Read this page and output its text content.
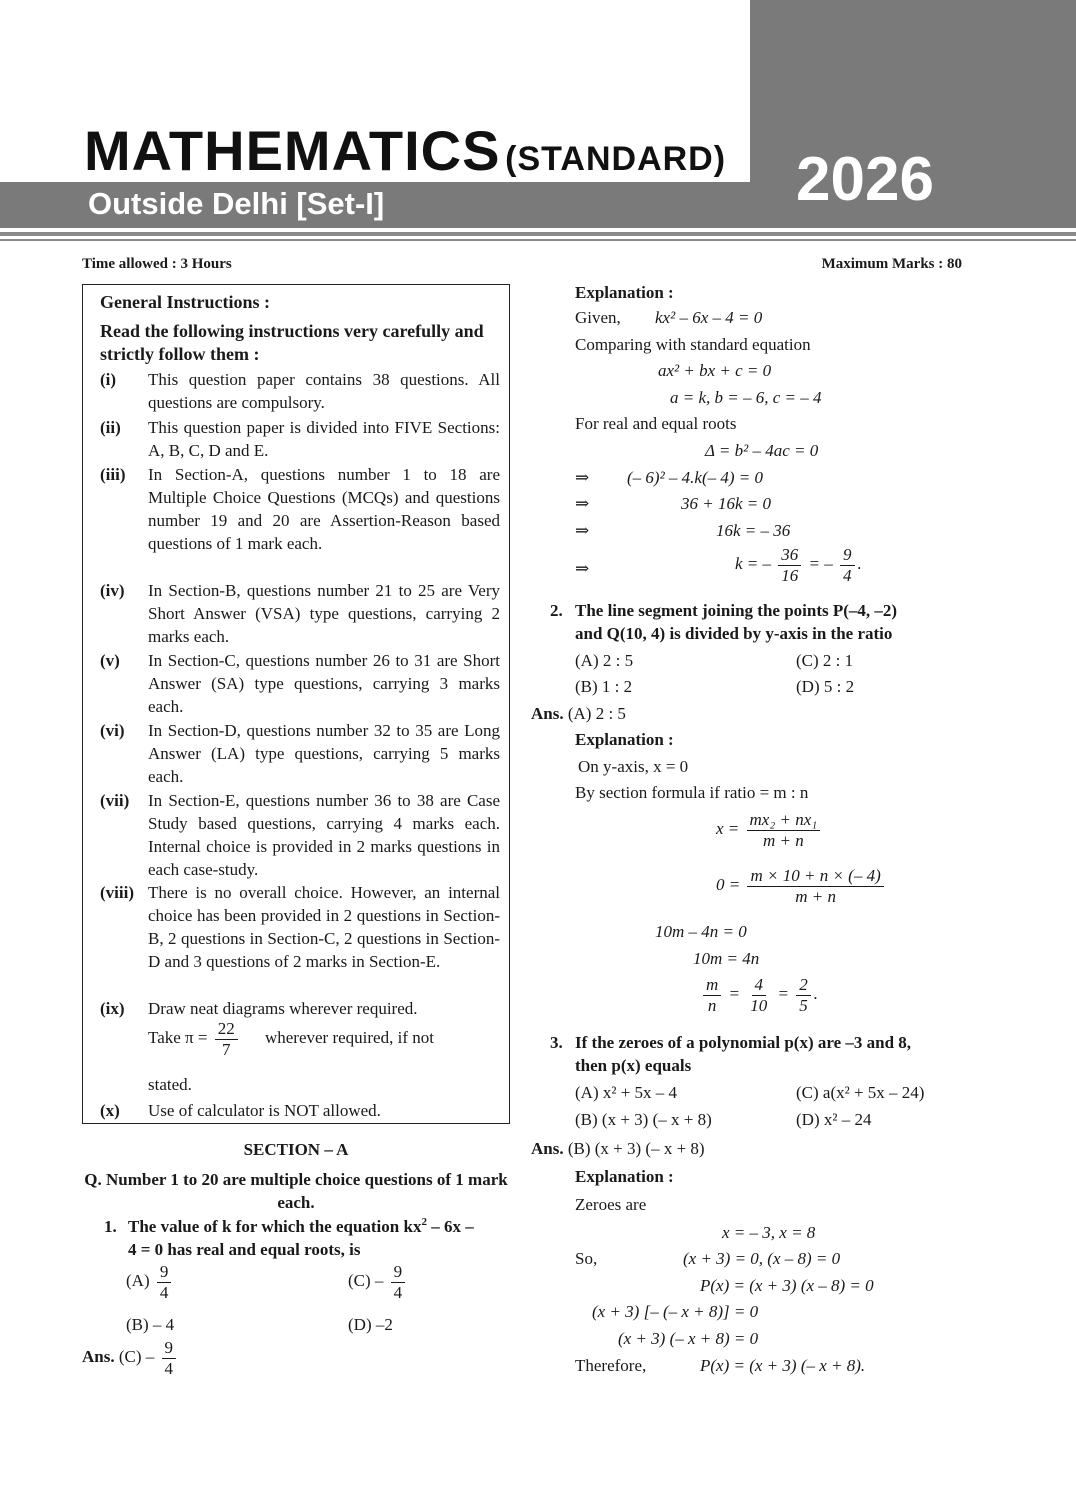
MATHEMATICS (STANDARD)
Outside Delhi [Set-I]	2026
Time allowed : 3 Hours	Maximum Marks : 80
General Instructions :
Read the following instructions very carefully and strictly follow them :
(i)	This question paper contains 38 questions. All questions are compulsory.
(ii)	This question paper is divided into FIVE Sections: A, B, C, D and E.
(iii)	In Section-A, questions number 1 to 18 are Multiple Choice Questions (MCQs) and questions number 19 and 20 are Assertion-Reason based questions of 1 mark each.
(iv)	In Section-B, questions number 21 to 25 are Very Short Answer (VSA) type questions, carrying 2 marks each.
(v)	In Section-C, questions number 26 to 31 are Short Answer (SA) type questions, carrying 3 marks each.
(vi)	In Section-D, questions number 32 to 35 are Long Answer (LA) type questions, carrying 5 marks each.
(vii)	In Section-E, questions number 36 to 38 are Case Study based questions, carrying 4 marks each. Internal choice is provided in 2 marks questions in each case-study.
(viii) There is no overall choice. However, an internal choice has been provided in 2 questions in Section-B, 2 questions in Section-C, 2 questions in Section-D and 3 questions of 2 marks in Section-E.
(ix)	Draw neat diagrams wherever required.
Take $\pi = \frac{22}{7}$ wherever required, if not
stated.
(x)	Use of calculator is NOT allowed.
SECTION – A
Q. Number 1 to 20 are multiple choice questions of 1 mark each.
1. The value of k for which the equation $kx^2 - 6x$ –
4 = 0 has real and equal roots, is
$(A) \frac{9}{4}$	$(C) - \frac{9}{4}$
(B) – 4	(D) –2
Ans. $(C) - \frac{9}{4}$
Explanation :
Given, kx² – 6x – 4 = 0
Comparing with standard equation
ax² + bx + c = 0
a = k, b = – 6, c = – 4
For real and equal roots
Δ = b² – 4ac = 0
⇒ (– 6)² – 4.k(– 4) = 0
⇒	36 + 16k = 0
⇒	16k = – 36
⇒	k = – $\frac{36}{16}$ = – $\frac{9}{4}$ .
2. The line segment joining the points P(–4, –2)
and Q(10, 4) is divided by y-axis in the ratio
(A) 2 : 5	(C) 2 : 1
(B) 1 : 2	(D) 5 : 2
Ans. (A) 2 : 5
Explanation :
On y-axis, x = 0
By section formula if ratio = m : n
$x = \frac{\text{mx₂ + nx₁}}{m + n}$
$0 = \frac{m \times 10 + n \times (- 4)}{m + n}$
10m – 4n = 0
10m = 4n
$\frac{m}{n} = \frac{4}{10} = \frac{2}{5}$ .
3. If the zeroes of a polynomial p(x) are –3 and 8,
then p(x) equals
(A) x² + 5x – 4	(C) a(x² + 5x – 24)
(B) (x + 3) (– x + 8)	(D) x² – 24
Ans. (B) (x + 3) (– x + 8)
Explanation :
Zeroes are
x = – 3, x = 8
So,	(x + 3) = 0, (x – 8) = 0
P(x) = (x + 3) (x – 8) = 0
(x + 3) [– (– x + 8)] = 0
(x + 3) (– x + 8) = 0
Therefore,	P(x) = (x + 3) (– x + 8).
